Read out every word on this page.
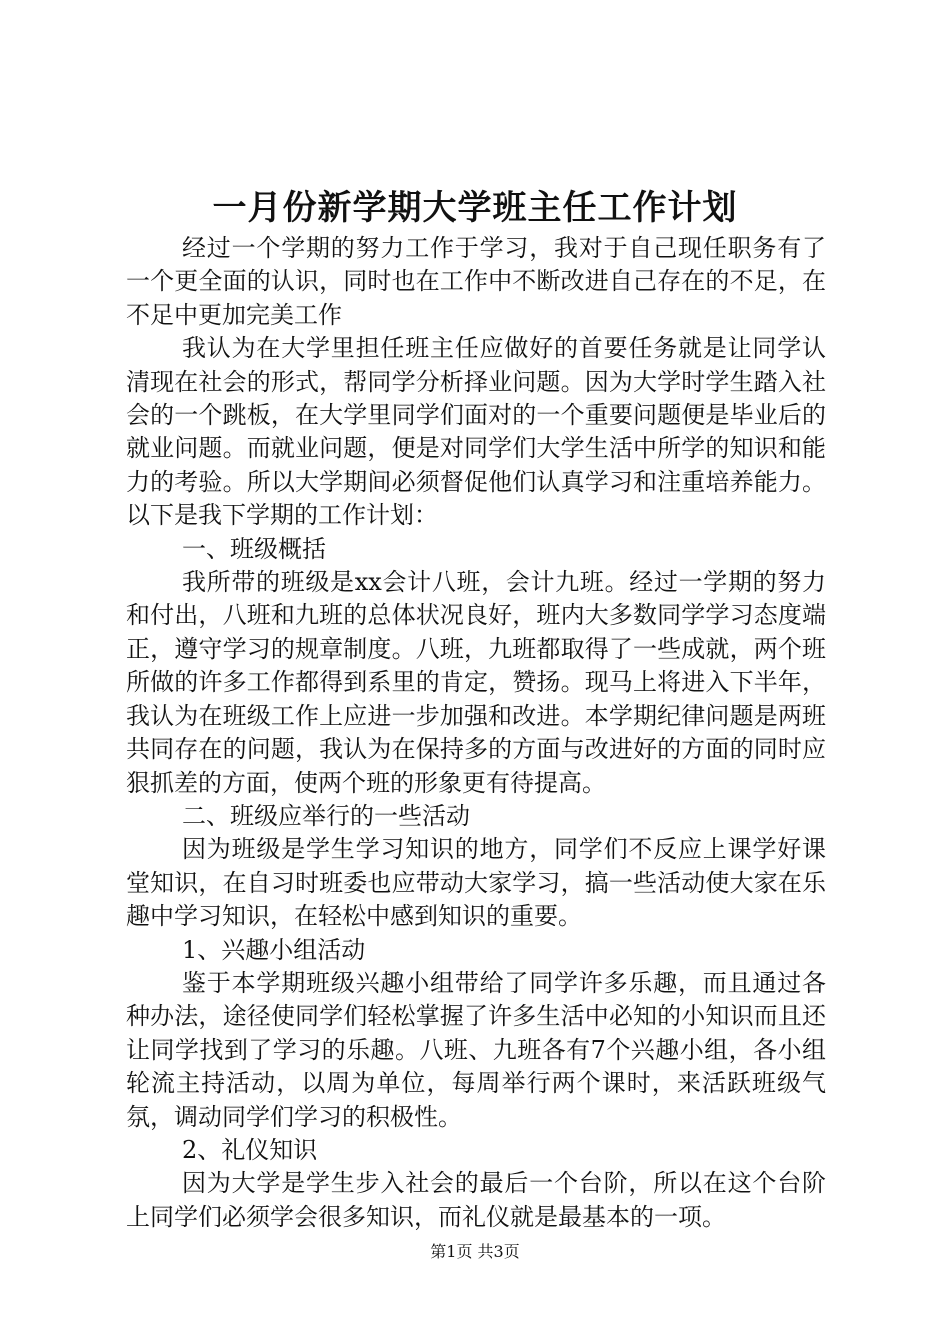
一月份新学期大学班主任工作计划

经过一个学期的努力工作于学习，我对于自己现任职务有了一个更全面的认识，同时也在工作中不断改进自己存在的不足，在不足中更加完美工作

我认为在大学里担任班主任应做好的首要任务就是让同学认清现在社会的形式，帮同学分析择业问题。因为大学时学生踏入社会的一个跳板，在大学里同学们面对的一个重要问题便是毕业后的就业问题。而就业问题，便是对同学们大学生活中所学的知识和能力的考验。所以大学期间必须督促他们认真学习和注重培养能力。以下是我下学期的工作计划：

一、班级概括

我所带的班级是xx会计八班，会计九班。经过一学期的努力和付出，八班和九班的总体状况良好，班内大多数同学学习态度端正，遵守学习的规章制度。八班，九班都取得了一些成就，两个班所做的许多工作都得到系里的肯定，赞扬。现马上将进入下半年，我认为在班级工作上应进一步加强和改进。本学期纪律问题是两班共同存在的问题，我认为在保持多的方面与改进好的方面的同时应狠抓差的方面，使两个班的形象更有待提高。

二、班级应举行的一些活动

因为班级是学生学习知识的地方，同学们不反应上课学好课堂知识，在自习时班委也应带动大家学习，搞一些活动使大家在乐趣中学习知识，在轻松中感到知识的重要。

1、兴趣小组活动

鉴于本学期班级兴趣小组带给了同学许多乐趣，而且通过各种办法，途径使同学们轻松掌握了许多生活中必知的小知识而且还让同学找到了学习的乐趣。八班、九班各有7个兴趣小组，各小组轮流主持活动，以周为单位，每周举行两个课时，来活跃班级气氛，调动同学们学习的积极性。

2、礼仪知识

因为大学是学生步入社会的最后一个台阶，所以在这个台阶上同学们必须学会很多知识，而礼仪就是最基本的一项。

第1页 共3页
